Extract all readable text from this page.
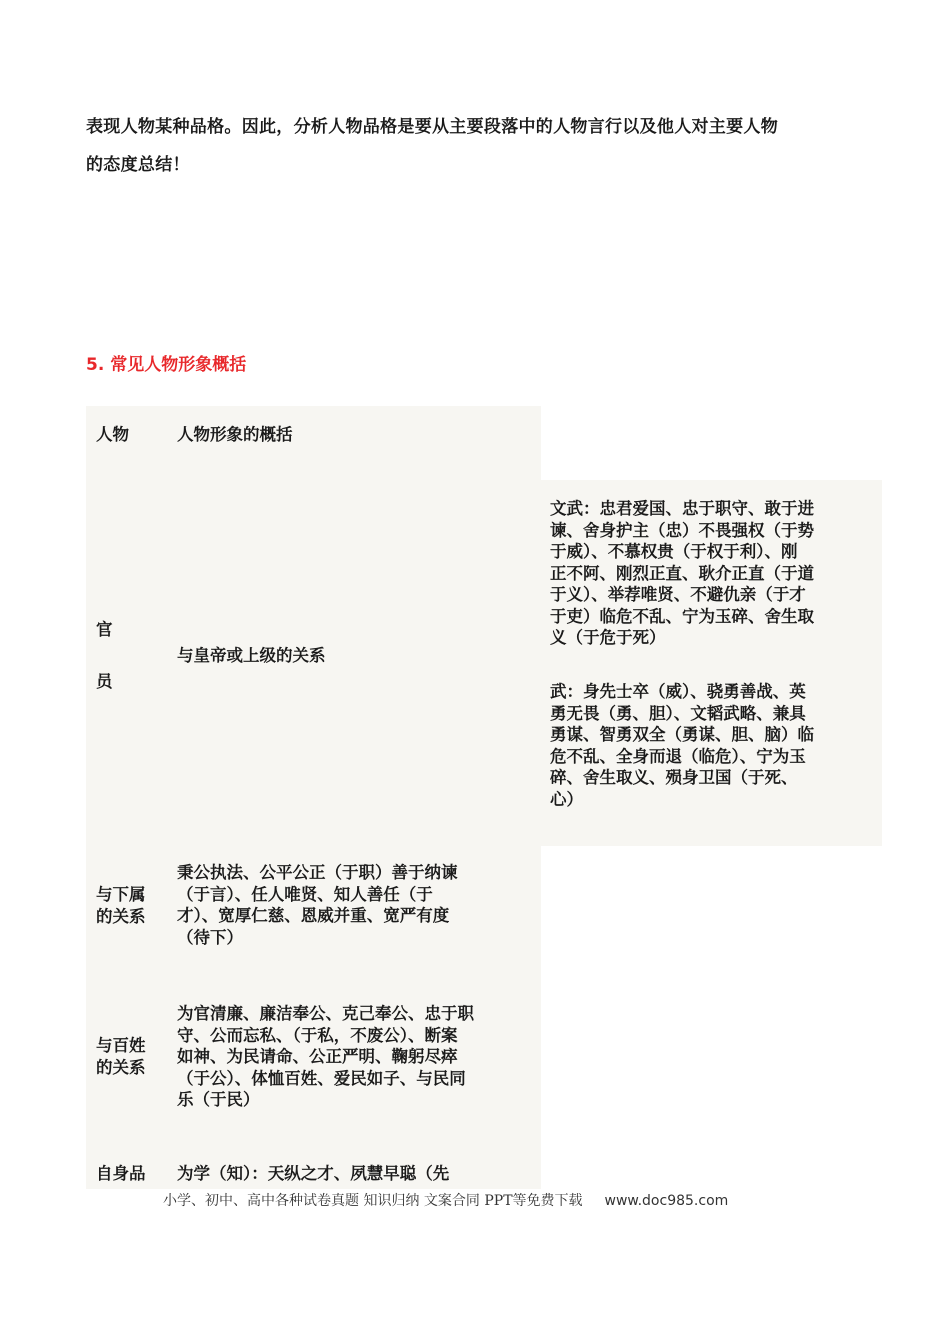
表现人物某种品格。因此，分析人物品格是要从主要段落中的人物言行以及他人对主要人物
的态度总结！
5. 常见人物形象概括
人物	人物形象的概括
官
员
与皇帝或上级的关系
文武：忠君爱国、忠于职守、敢于进
谏、舍身护主（忠）不畏强权（于势
于威）、不慕权贵（于权于利）、刚
正不阿、刚烈正直、耿介正直（于道
于义）、举荐唯贤、不避仇亲（于才
于吏）临危不乱、宁为玉碎、舍生取
义（于危于死）
武：身先士卒（威）、骁勇善战、英
勇无畏（勇、胆）、文韬武略、兼具
勇谋、智勇双全（勇谋、胆、脑）临
危不乱、全身而退（临危）、宁为玉
碎、舍生取义、殒身卫国（于死、
心）
与下属
的关系
秉公执法、公平公正（于职）善于纳谏
（于言）、任人唯贤、知人善任（于
才）、宽厚仁慈、恩威并重、宽严有度
（待下）
与百姓
的关系
为官清廉、廉洁奉公、克己奉公、忠于职
守、公而忘私、（于私，不废公）、断案
如神、为民请命、公正严明、鞠躬尽瘁
（于公）、体恤百姓、爱民如子、与民同
乐（于民）
自身品 为学（知）：天纵之才、夙慧早聪（先
小学、初中、高中各种试卷真题 知识归纳 文案合同 PPT等免费下载 www.doc985.com
